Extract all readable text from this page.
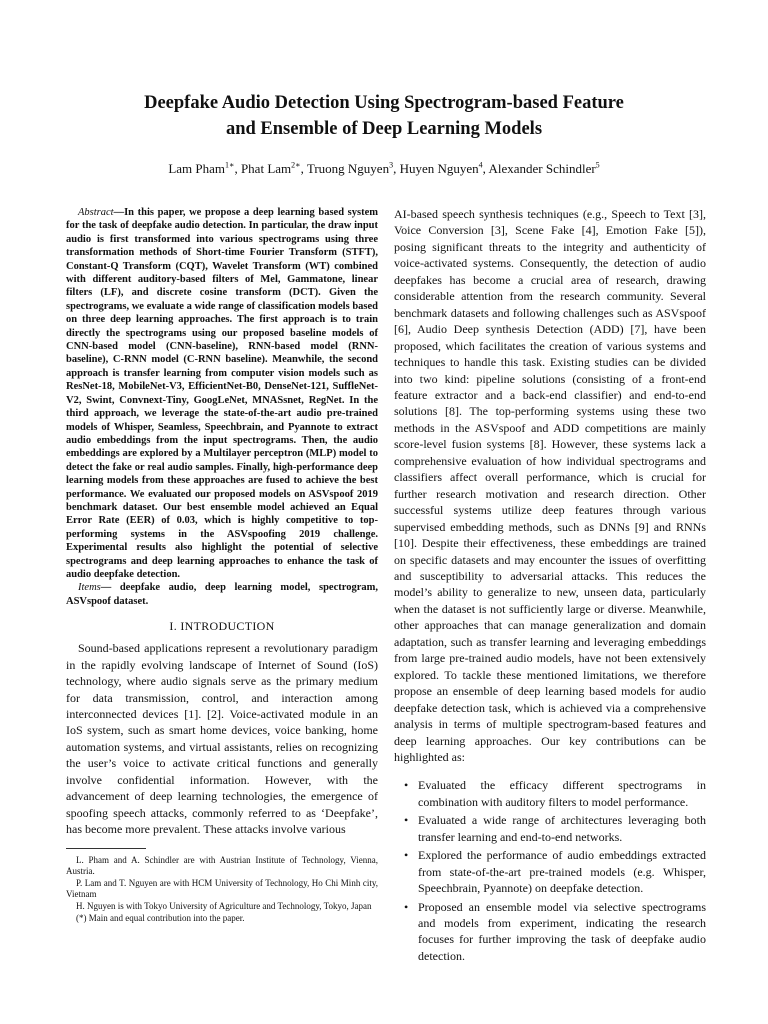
Deepfake Audio Detection Using Spectrogram-based Feature
and Ensemble of Deep Learning Models
Lam Pham$^{1∗}$, Phat Lam$^{2∗}$, Truong Nguyen$^3$, Huyen Nguyen$^4$, Alexander Schindler$^5$

Abstract—In this paper, we propose a deep learning based system for the task of deepfake audio detection. In particular, the draw input audio is first transformed into various spectrograms using three transformation methods of Short-time Fourier Transform (STFT), Constant-Q Transform (CQT), Wavelet Transform (WT) combined with different auditory-based filters of Mel, Gammatone, linear filters (LF), and discrete cosine transform (DCT). Given the spectrograms, we evaluate a wide range of classification models based on three deep learning approaches. The first approach is to train directly the spectrograms using our proposed baseline models of CNN-based model (CNN-baseline), RNN-based model (RNN-baseline), C-RNN model (C-RNN baseline). Meanwhile, the second approach is transfer learning from computer vision models such as ResNet-18, MobileNet-V3, EfficientNet-B0, DenseNet-121, SuffleNet-V2, Swint, Convnext-Tiny, GoogLeNet, MNASsnet, RegNet. In the third approach, we leverage the state-of-the-art audio pre-trained models of Whisper, Seamless, Speechbrain, and Pyannote to extract audio embeddings from the input spectrograms. Then, the audio embeddings are explored by a Multilayer perceptron (MLP) model to detect the fake or real audio samples. Finally, high-performance deep learning models from these approaches are fused to achieve the best performance. We evaluated our proposed models on ASVspoof 2019 benchmark dataset. Our best ensemble model achieved an Equal Error Rate (EER) of 0.03, which is highly competitive to top-performing systems in the ASVspoofing 2019 challenge. Experimental results also highlight the potential of selective spectrograms and deep learning approaches to enhance the task of audio deepfake detection.

Items— deepfake audio, deep learning model, spectrogram, ASVspoof dataset.

I. INTRODUCTION

Sound-based applications represent a revolutionary paradigm in the rapidly evolving landscape of Internet of Sound (IoS) technology, where audio signals serve as the primary medium for data transmission, control, and interaction among interconnected devices [1]. [2]. Voice-activated module in an IoS system, such as smart home devices, voice banking, home automation systems, and virtual assistants, relies on recognizing the user’s voice to activate critical functions and generally involve confidential information. However, with the advancement of deep learning technologies, the emergence of spoofing speech attacks, commonly referred to as ‘Deepfake’, has become more prevalent. These attacks involve various

L. Pham and A. Schindler are with Austrian Institute of Technology, Vienna, Austria.

P. Lam and T. Nguyen are with HCM University of Technology, Ho Chi Minh city, Vietnam

H. Nguyen is with Tokyo University of Agriculture and Technology, Tokyo, Japan

(*) Main and equal contribution into the paper.

AI-based speech synthesis techniques (e.g., Speech to Text [3], Voice Conversion [3], Scene Fake [4], Emotion Fake [5]), posing significant threats to the integrity and authenticity of voice-activated systems. Consequently, the detection of audio deepfakes has become a crucial area of research, drawing considerable attention from the research community. Several benchmark datasets and following challenges such as ASVspoof [6], Audio Deep synthesis Detection (ADD) [7], have been proposed, which facilitates the creation of various systems and techniques to handle this task. Existing studies can be divided into two kind: pipeline solutions (consisting of a front-end feature extractor and a back-end classifier) and end-to-end solutions [8]. The top-performing systems using these two methods in the ASVspoof and ADD competitions are mainly score-level fusion systems [8]. However, these systems lack a comprehensive evaluation of how individual spectrograms and classifiers affect overall performance, which is crucial for further research motivation and research direction. Other successful systems utilize deep features through various supervised embedding methods, such as DNNs [9] and RNNs [10]. Despite their effectiveness, these embeddings are trained on specific datasets and may encounter the issues of overfitting and susceptibility to adversarial attacks. This reduces the model’s ability to generalize to new, unseen data, particularly when the dataset is not sufficiently large or diverse. Meanwhile, other approaches that can manage generalization and domain adaptation, such as transfer learning and leveraging embeddings from large pre-trained audio models, have not been extensively explored. To tackle these mentioned limitations, we therefore propose an ensemble of deep learning based models for audio deepfake detection task, which is achieved via a comprehensive analysis in terms of multiple spectrogram-based features and deep learning approaches. Our key contributions can be highlighted as:

• Evaluated the efficacy different spectrograms in combination with auditory filters to model performance.
• Evaluated a wide range of architectures leveraging both transfer learning and end-to-end networks.
• Explored the performance of audio embeddings extracted from state-of-the-art pre-trained models (e.g. Whisper, Speechbrain, Pyannote) on deepfake detection.
• Proposed an ensemble model via selective spectrograms and models from experiment, indicating the research focuses for further improving the task of deepfake audio detection.
